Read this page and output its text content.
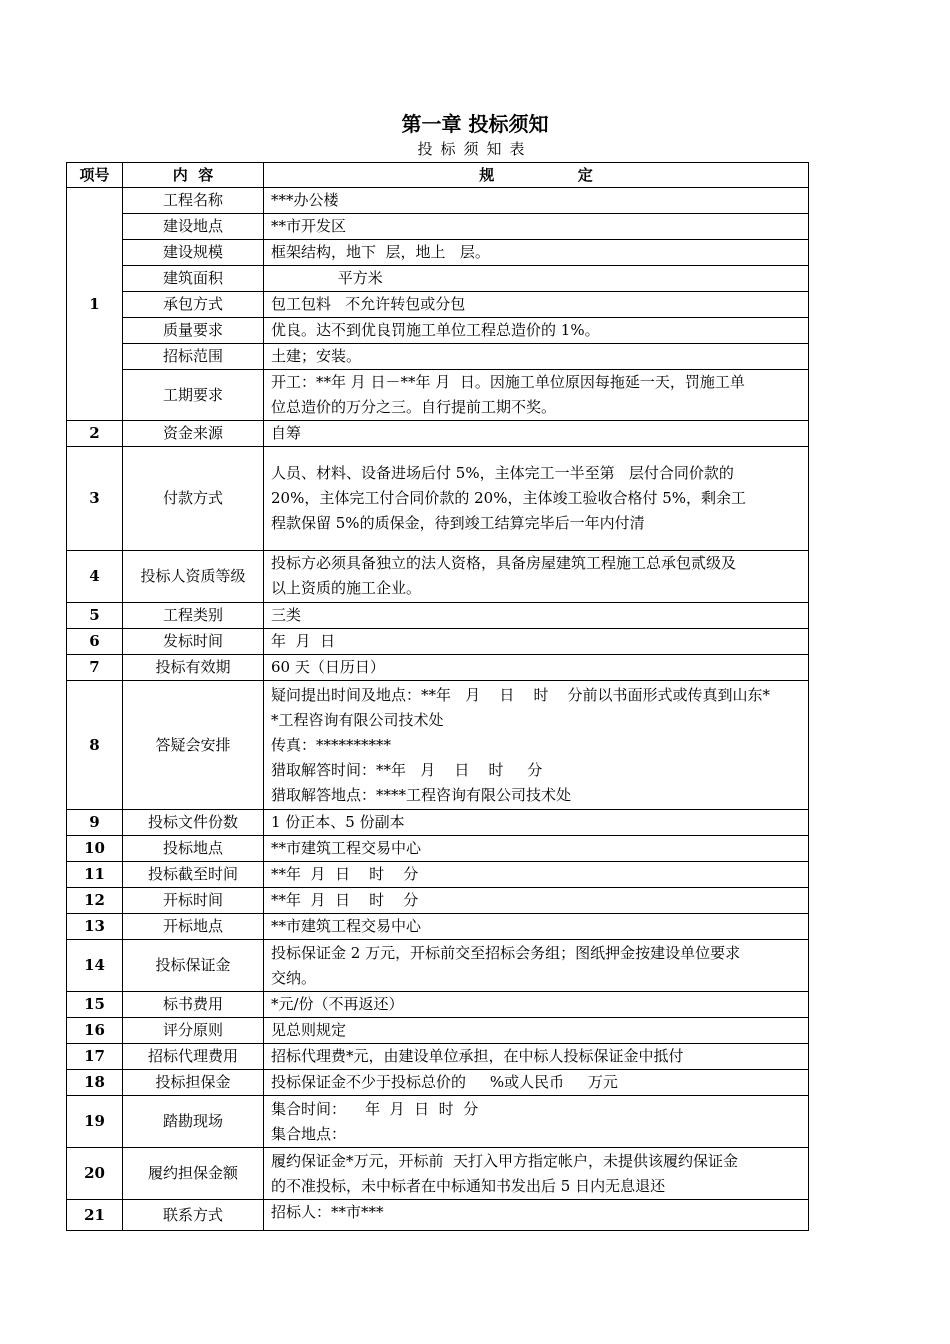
第一章 投标须知
投标须知表
项号	内  容	规                定
1	工程名称	***办公楼

	建设地点	**市开发区

	建设规模	框架结构，地下  层，地上   层。

	建筑面积	平方米

	承包方式	包工包料   不允许转包或分包

	质量要求	优良。达不到优良罚施工单位工程总造价的 1%。

	招标范围	土建；安装。

	工期要求	开工：**年 月 日－**年 月  日。因施工单位原因每拖延一天，罚施工单
位总造价的万分之三。自行提前工期不奖。

2	资金来源	自筹

3	付款方式	人员、材料、设备进场后付 5%，主体完工一半至第   层付合同价款的
20%，主体完工付合同价款的 20%，主体竣工验收合格付 5%，剩余工
程款保留 5%的质保金，待到竣工结算完毕后一年内付清

4	投标人资质等级	投标方必须具备独立的法人资格，具备房屋建筑工程施工总承包贰级及
以上资质的施工企业。

5	工程类别	三类

6	发标时间	年  月  日

7	投标有效期	60 天（日历日）

8	答疑会安排	疑问提出时间及地点：**年   月    日    时    分前以书面形式或传真到山东*
*工程咨询有限公司技术处
传真：**********
猎取解答时间：**年   月    日    时     分
猎取解答地点：****工程咨询有限公司技术处

9	投标文件份数	1 份正本、5 份副本

10	投标地点	**市建筑工程交易中心

11	投标截至时间	**年  月  日    时    分

12	开标时间	**年  月  日    时    分

13	开标地点	**市建筑工程交易中心

14	投标保证金	投标保证金 2 万元，开标前交至招标会务组；图纸押金按建设单位要求
交纳。

15	标书费用	*元/份（不再返还）

16	评分原则	见总则规定

17	招标代理费用	招标代理费*元，由建设单位承担，在中标人投标保证金中抵付

18	投标担保金	投标保证金不少于投标总价的     %或人民币     万元

19	踏勘现场	集合时间：    年  月  日  时  分
集合地点：

20	履约担保金额	履约保证金*万元，开标前  天打入甲方指定帐户，未提供该履约保证金
的不准投标，未中标者在中标通知书发出后 5 日内无息退还

21	联系方式	招标人：**市***
